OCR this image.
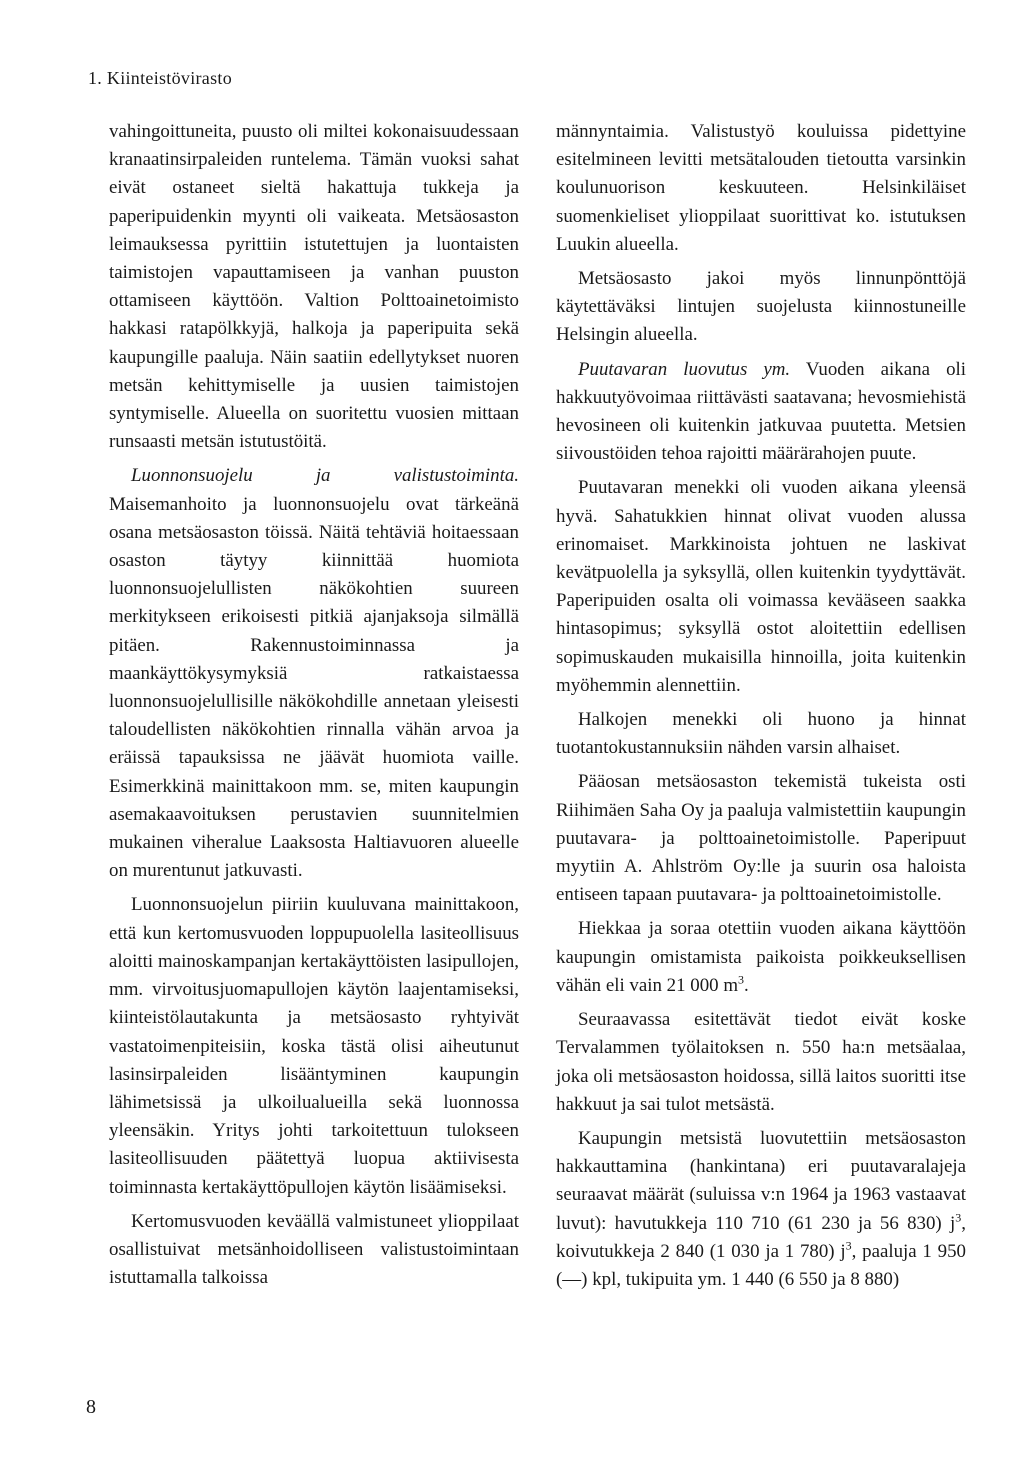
1. Kiinteistövirasto

vahingoittuneita, puusto oli miltei kokonaisuudessaan kranaatinsirpaleiden runtelema. Tämän vuoksi sahat eivät ostaneet sieltä hakattuja tukkeja ja paperipuidenkin myynti oli vaikeata. Metsäosaston leimauksessa pyrittiin istutettujen ja luontaisten taimistojen vapauttamiseen ja vanhan puuston ottamiseen käyttöön. Valtion Polttoainetoimisto hakkasi ratapölkkyjä, halkoja ja paperipuita sekä kaupungille paaluja. Näin saatiin edellytykset nuoren metsän kehittymiselle ja uusien taimistojen syntymiselle. Alueella on suoritettu vuosien mittaan runsaasti metsän istutustöitä.

Luonnonsuojelu ja valistustoiminta. Maisemanhoito ja luonnonsuojelu ovat tärkeänä osana metsäosaston töissä. Näitä tehtäviä hoitaessaan osaston täytyy kiinnittää huomiota luonnonsuojelullisten näkökohtien suureen merkitykseen erikoisesti pitkiä ajanjaksoja silmällä pitäen. Rakennustoiminnassa ja maankäyttökysymyksiä ratkaistaessa luonnonsuojelullisille näkökohdille annetaan yleisesti taloudellisten näkökohtien rinnalla vähän arvoa ja eräissä tapauksissa ne jäävät huomiota vaille. Esimerkkinä mainittakoon mm. se, miten kaupungin asemakaavoituksen perustavien suunnitelmien mukainen viheralue Laaksosta Haltiavuoren alueelle on murentunut jatkuvasti.

Luonnonsuojelun piiriin kuuluvana mainittakoon, että kun kertomusvuoden loppupuolella lasiteollisuus aloitti mainoskampanjan kertakäyttöisten lasipullojen, mm. virvoitusjuomapullojen käytön laajentamiseksi, kiinteistölautakunta ja metsäosasto ryhtyivät vastatoimenpiteisiin, koska tästä olisi aiheutunut lasinsirpaleiden lisääntyminen kaupungin lähimetsissä ja ulkoilualueilla sekä luonnossa yleensäkin. Yritys johti tarkoitettuun tulokseen lasiteollisuuden päätettyä luopua aktiivisesta toiminnasta kertakäyttöpullojen käytön lisäämiseksi.

Kertomusvuoden keväällä valmistuneet ylioppilaat osallistuivat metsänhoidolliseen valistustoimintaan istuttamalla talkoissa

männyntaimia. Valistustyö kouluissa pidettyine esitelmineen levitti metsätalouden tietoutta varsinkin koulunuorison keskuuteen. Helsinkiläiset suomenkieliset ylioppilaat suorittivat ko. istutuksen Luukin alueella.

Metsäosasto jakoi myös linnunpönttöjä käytettäväksi lintujen suojelusta kiinnostuneille Helsingin alueella.

Puutavaran luovutus ym. Vuoden aikana oli hakkuutyövoimaa riittävästi saatavana; hevosmiehistä hevosineen oli kuitenkin jatkuvaa puutetta. Metsien siivoustöiden tehoa rajoitti määrärahojen puute.

Puutavaran menekki oli vuoden aikana yleensä hyvä. Sahatukkien hinnat olivat vuoden alussa erinomaiset. Markkinoista johtuen ne laskivat kevätpuolella ja syksyllä, ollen kuitenkin tyydyttävät. Paperipuiden osalta oli voimassa kevääseen saakka hintasopimus; syksyllä ostot aloitettiin edellisen sopimuskauden mukaisilla hinnoilla, joita kuitenkin myöhemmin alennettiin.

Halkojen menekki oli huono ja hinnat tuotantokustannuksiin nähden varsin alhaiset.

Pääosan metsäosaston tekemistä tukeista osti Riihimäen Saha Oy ja paaluja valmistettiin kaupungin puutavara- ja polttoainetoimistolle. Paperipuut myytiin A. Ahlström Oy:lle ja suurin osa haloista entiseen tapaan puutavara- ja polttoainetoimistolle.

Hiekkaa ja soraa otettiin vuoden aikana käyttöön kaupungin omistamista paikoista poikkeuksellisen vähän eli vain 21 000 $m^3$.

Seuraavassa esitettävät tiedot eivät koske Tervalammen työlaitoksen n. 550 ha:n metsäalaa, joka oli metsäosaston hoidossa, sillä laitos suoritti itse hakkuut ja sai tulot metsästä.

Kaupungin metsistä luovutettiin metsäosaston hakkauttamina (hankintana) eri puutavaralajeja seuraavat määrät (suluissa v:n 1964 ja 1963 vastaavat luvut): havutukkeja 110 710 (61 230 ja 56 830) $j^3$, koivutukkeja 2 840 (1 030 ja 1 780) $j^3$, paaluja 1 950 (—) kpl, tukipuita ym. 1 440 (6 550 ja 8 880)

8
